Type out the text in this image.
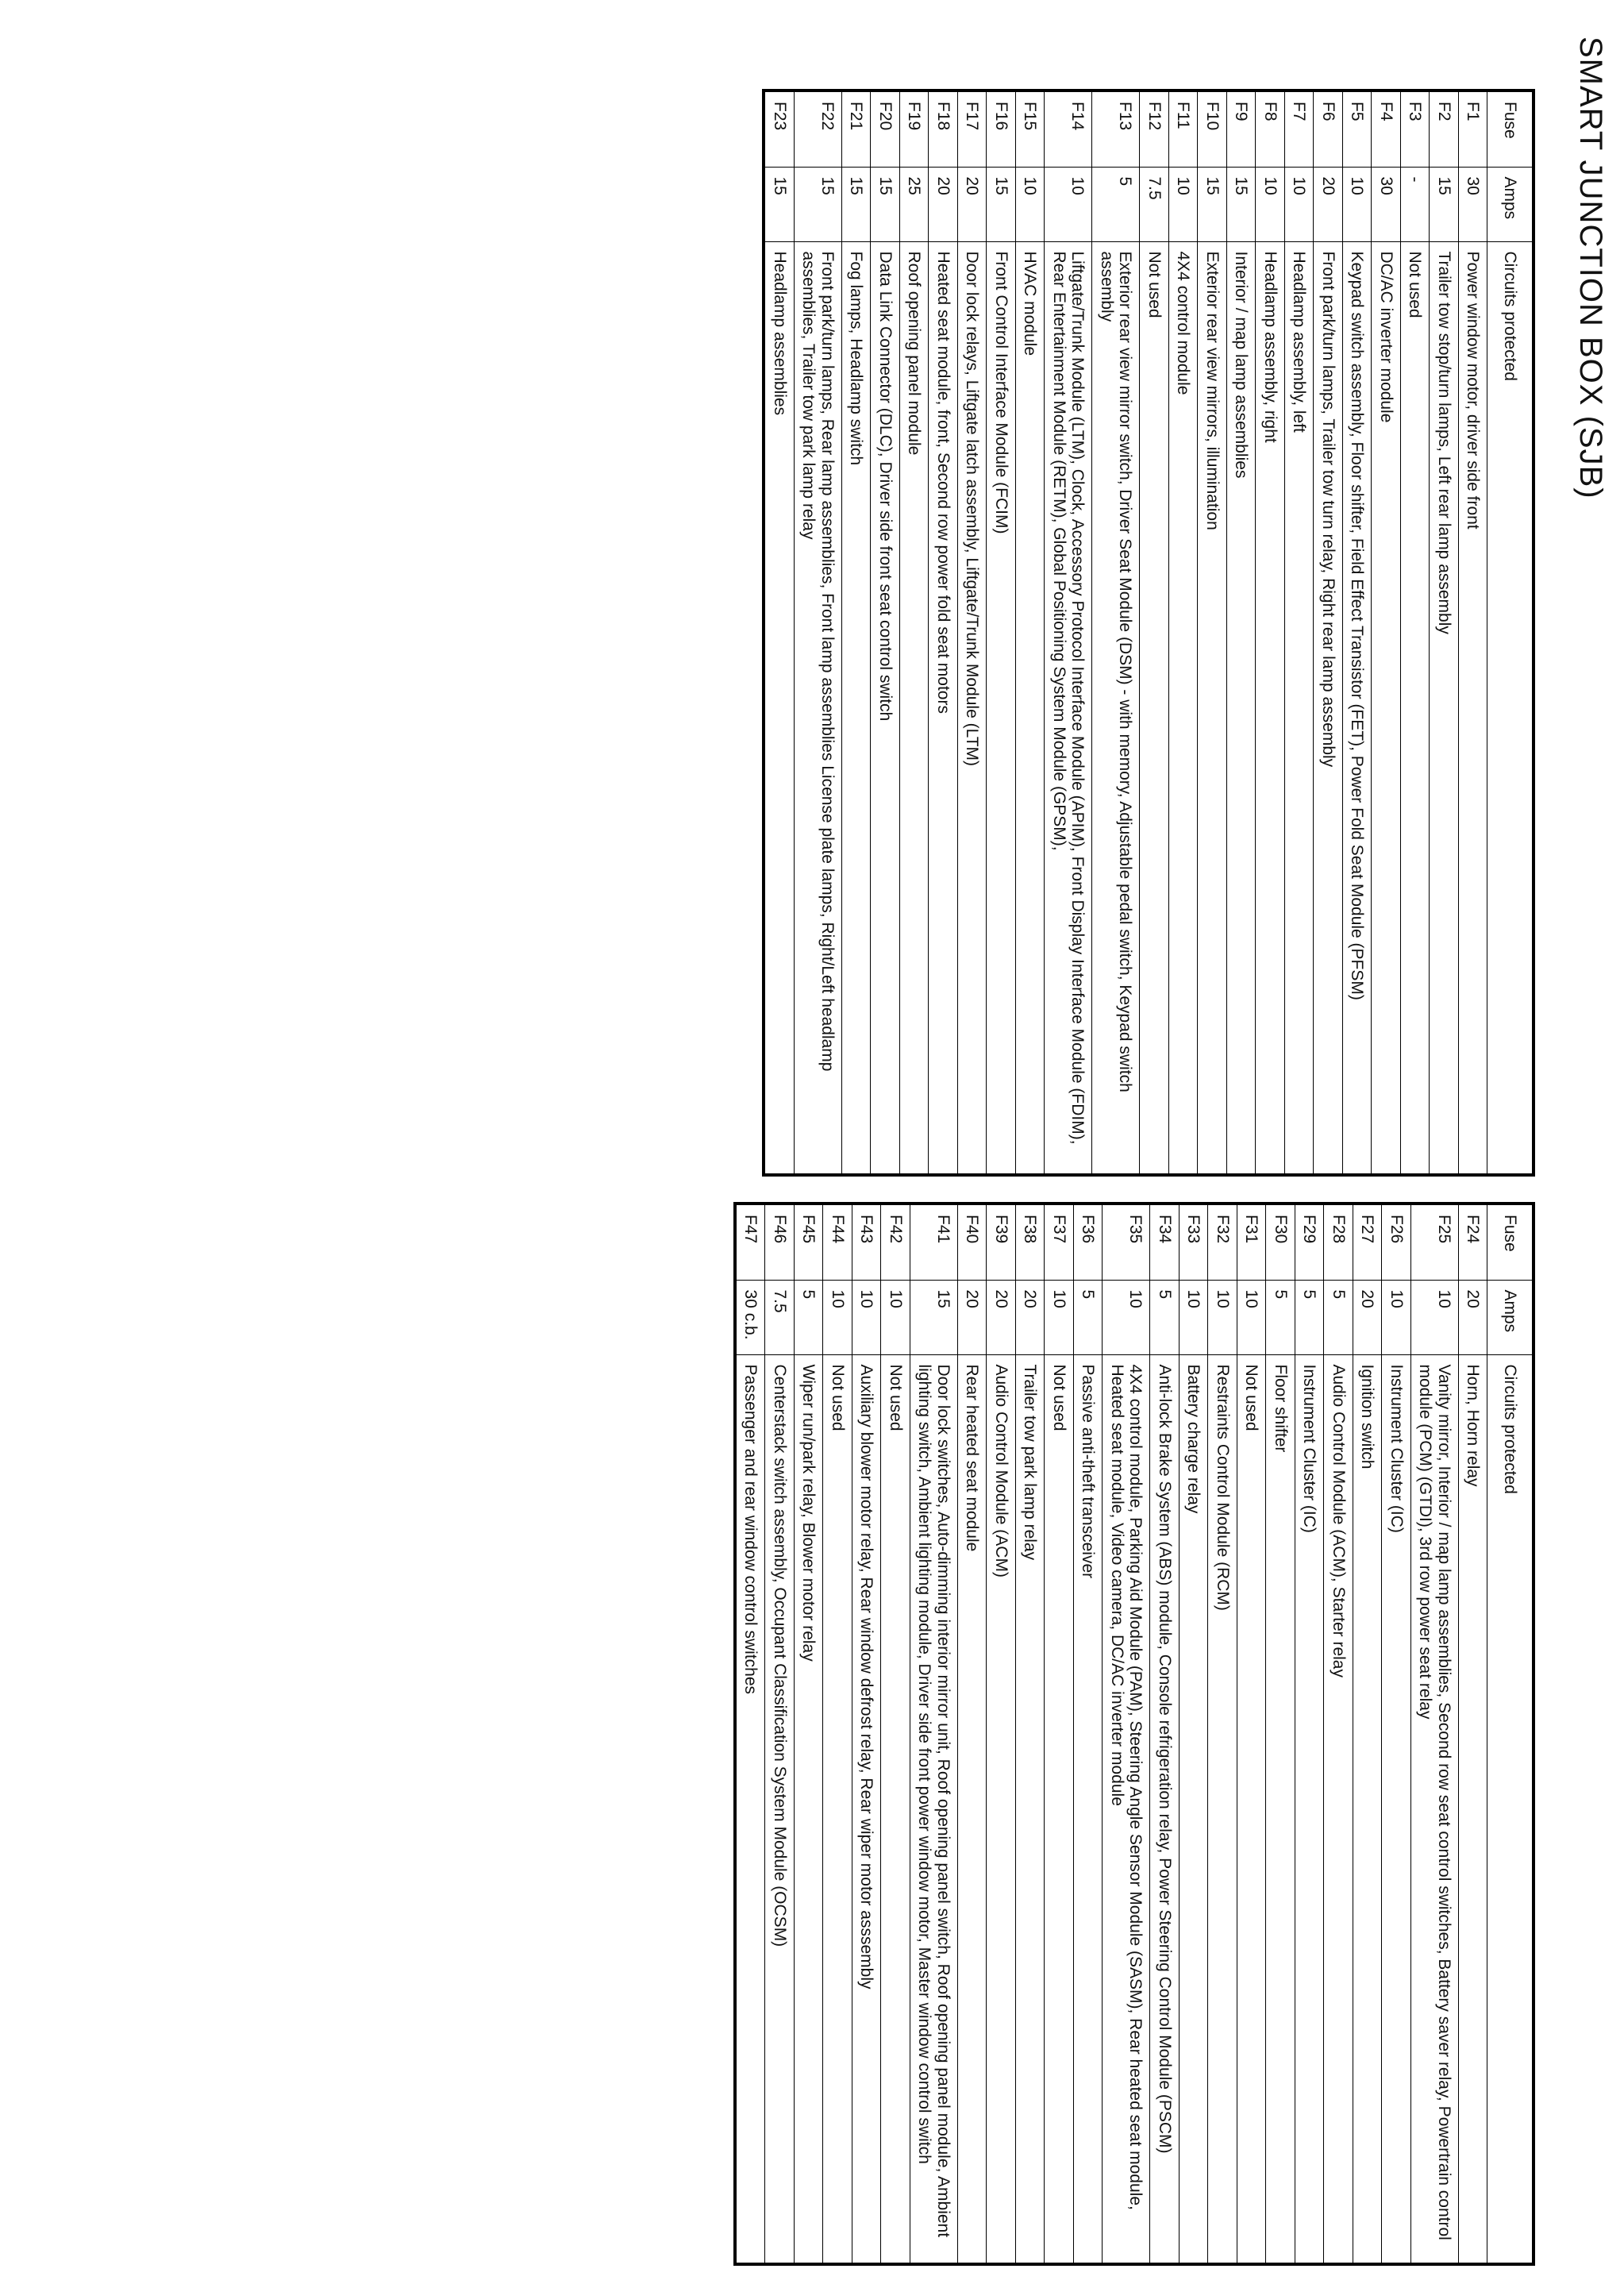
SMART JUNCTION BOX (SJB)
Fuse	Amps	Circuits protected
F1	30	Power window motor, driver side front
F2	15	Trailer tow stop/turn lamps, Left rear lamp assembly
F3	-	Not used
F4	30	DC/AC inverter module
F5	10	Keypad switch assembly, Floor shifter, Field Effect Transistor (FET), Power Fold Seat Module (PFSM)
F6	20	Front park/turn lamps, Trailer tow turn relay, Right rear lamp assembly
F7	10	Headlamp assembly, left
F8	10	Headlamp assembly, right
F9	15	Interior / map lamp assemblies
F10	15	Exterior rear view mirrors, illumination
F11	10	4X4 control module
F12	7.5	Not used
F13	5	Exterior rear view mirror switch, Driver Seat Module (DSM) - with memory, Adjustable pedal switch, Keypad switch assembly
F14	10	Liftgate/Trunk Module (LTM), Clock, Accessory Protocol Interface Module (APIM), Front Display Interface Module (FDIM), Rear Entertainment Module (RETM), Global Positioning System Module (GPSM),
F15	10	HVAC module
F16	15	Front Control Interface Module (FCIM)
F17	20	Door lock relays, Liftgate latch assembly, Liftgate/Trunk Module (LTM)
F18	20	Heated seat module, front, Second row power fold seat motors
F19	25	Roof opening panel module
F20	15	Data Link Connector (DLC), Driver side front seat control switch
F21	15	Fog lamps, Headlamp switch
F22	15	Front park/turn lamps, Rear lamp assemblies, Front lamp assemblies License plate lamps, Right/Left headlamp assemblies, Trailer tow park lamp relay
F23	15	Headlamp assemblies
Fuse	Amps	Circuits protected
F24	20	Horn, Horn relay
F25	10	Vanity mirror, Interior / map lamp assemblies, Second row seat control switches, Battery saver relay, Powertrain control module (PCM) (GTDI), 3rd row power seat relay
F26	10	Instrument Cluster (IC)
F27	20	Ignition switch
F28	5	Audio Control Module (ACM), Starter relay
F29	5	Instrument Cluster (IC)
F30	5	Floor shifter
F31	10	Not used
F32	10	Restraints Control Module (RCM)
F33	10	Battery charge relay
F34	5	Anti-lock Brake System (ABS) module, Console refrigeration relay, Power Steering Control Module (PSCM)
F35	10	4X4 control module, Parking Aid Module (PAM), Steering Angle Sensor Module (SASM), Rear heated seat module, Heated seat module, Video camera, DC/AC inverter module
F36	5	Passive anti-theft transceiver
F37	10	Not used
F38	20	Trailer tow park lamp relay
F39	20	Audio Control Module (ACM)
F40	20	Rear heated seat module
F41	15	Door lock switches, Auto-dimming interior mirror unit, Roof opening panel switch, Roof opening panel module, Ambient lighting switch, Ambient lighting module, Driver side front power window motor, Master window control switch
F42	10	Not used
F43	10	Auxiliary blower motor relay, Rear window defrost relay, Rear wiper motor asssembly
F44	10	Not used
F45	5	Wiper run/park relay, Blower motor relay
F46	7.5	Centerstack switch assembly, Occupant Classification System Module (OCSM)
F47	30 c.b.	Passenger and rear window control switches
